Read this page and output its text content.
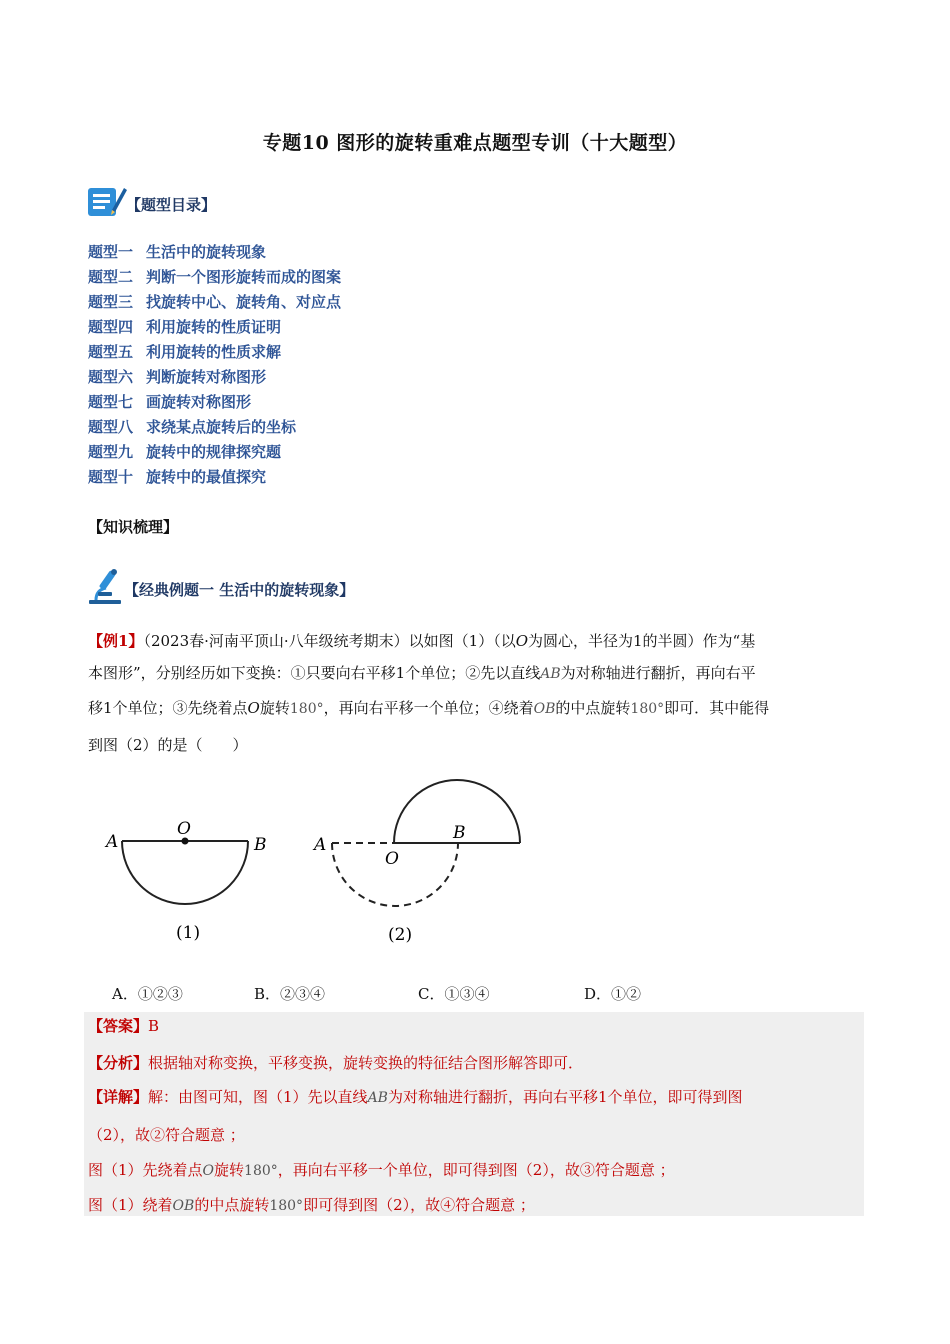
专题10 图形的旋转重难点题型专训（十大题型）
【题型目录】
题型一 生活中的旋转现象
题型二 判断一个图形旋转而成的图案
题型三 找旋转中心、旋转角、对应点
题型四 利用旋转的性质证明
题型五 利用旋转的性质求解
题型六 判断旋转对称图形
题型七 画旋转对称图形
题型八 求绕某点旋转后的坐标
题型九 旋转中的规律探究题
题型十 旋转中的最值探究
【知识梳理】
【经典例题一 生活中的旋转现象】
【例1】（2023春·河南平顶山·八年级统考期末）以如图（1）（以O为圆心，半径为1的半圆）作为“基
本图形”，分别经历如下变换：①只要向右平移1个单位；②先以直线AB为对称轴进行翻折，再向右平
移1个单位；③先绕着点O旋转180°，再向右平移一个单位；④绕着OB的中点旋转180°即可．其中能得
到图（2）的是（　　）
A
O
B
(1)
A
O
B
(2)
A．①②③	B．②③④	C．①③④	D．①②
【答案】B
【分析】根据轴对称变换，平移变换，旋转变换的特征结合图形解答即可．
【详解】解：由图可知，图（1）先以直线AB为对称轴进行翻折，再向右平移1个单位，即可得到图
（2），故②符合题意 ；
图（1）先绕着点O旋转180°，再向右平移一个单位，即可得到图（2），故③符合题意 ；
图（1）绕着OB的中点旋转180°即可得到图（2），故④符合题意 ；
